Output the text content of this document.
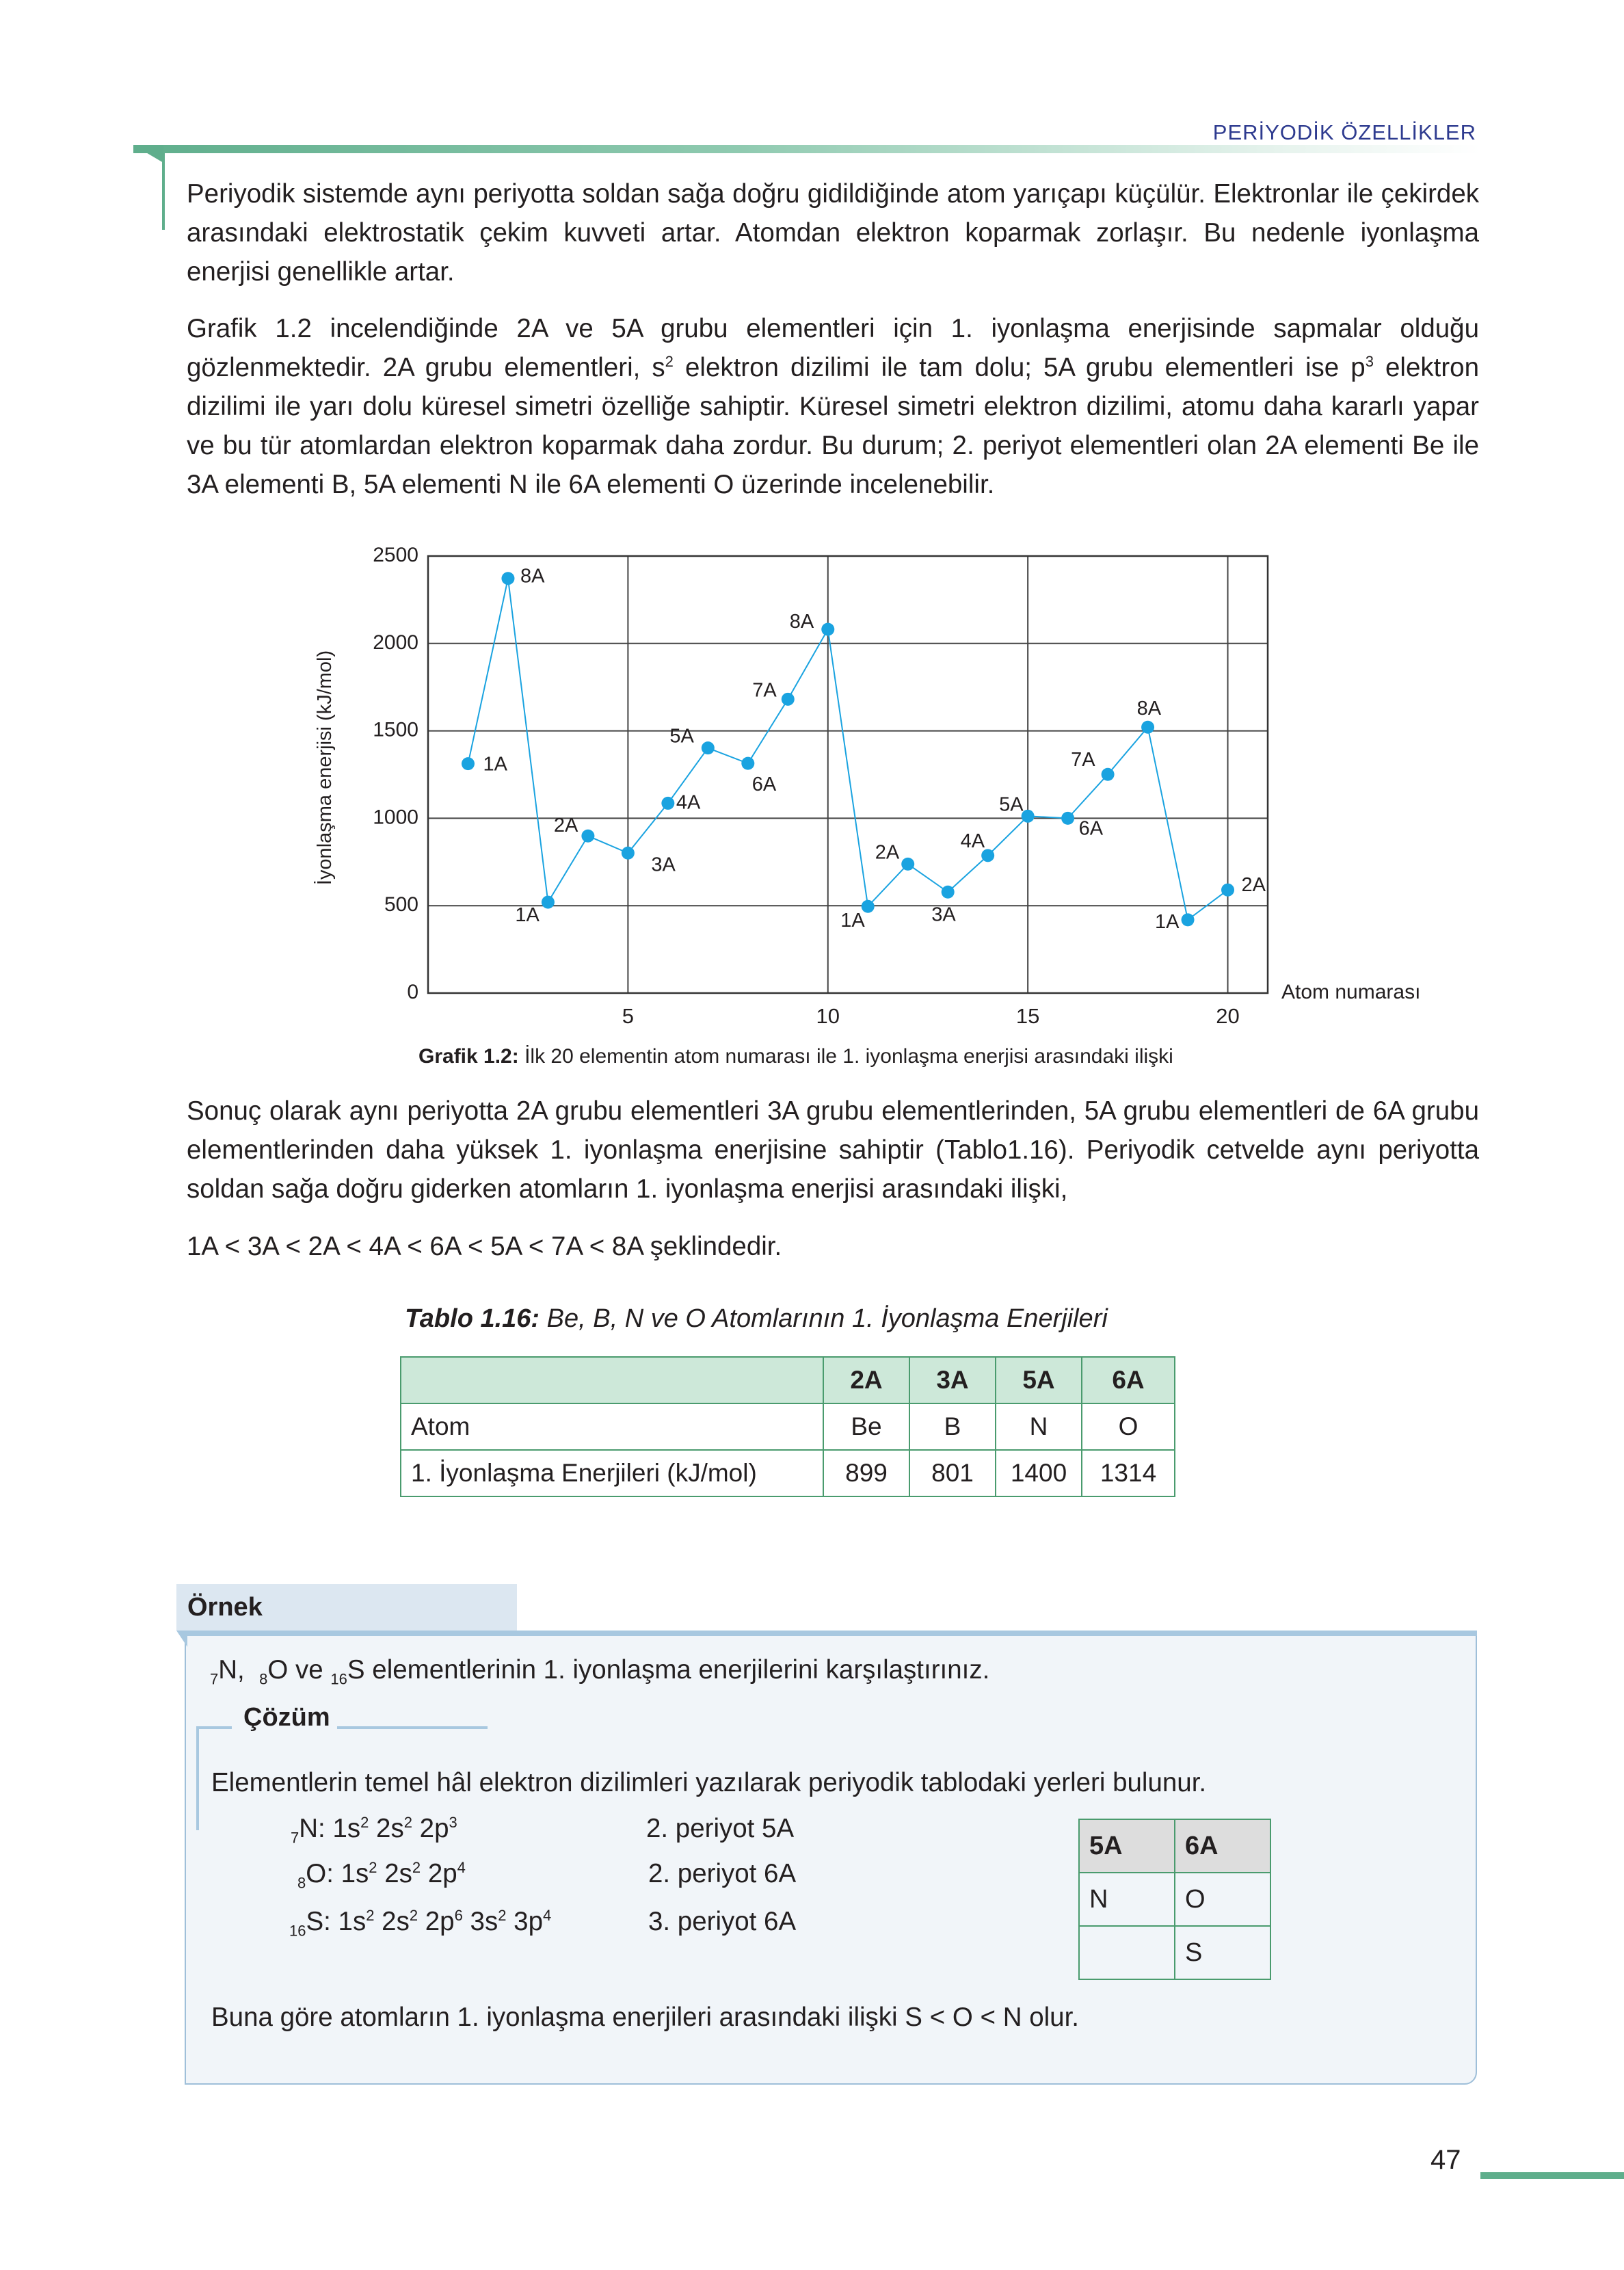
PERİYODİK ÖZELLİKLER

Periyodik sistemde aynı periyotta soldan sağa doğru gidildiğinde atom yarıçapı küçülür. Elektronlar ile çekirdek arasındaki elektrostatik çekim kuvveti artar. Atomdan elektron koparmak zorlaşır. Bu nedenle iyonlaşma enerjisi genellikle artar.

Grafik 1.2 incelendiğinde 2A ve 5A grubu elementleri için 1. iyonlaşma enerjisinde sapmalar olduğu gözlenmektedir. 2A grubu elementleri, $s^2$ elektron dizilimi ile tam dolu; 5A grubu elementleri ise $p^3$ elektron dizilimi ile yarı dolu küresel simetri özelliğe sahiptir. Küresel simetri elektron dizilimi, atomu daha kararlı yapar ve bu tür atomlardan elektron koparmak daha zordur. Bu durum; 2. periyot elementleri olan 2A elementi Be ile 3A elementi B, 5A elementi N ile 6A elementi O üzerinde incelenebilir.

0
500
1000
1500
2000
2500
5	10	15	20
Atom numarası
İyonlaşma enerjisi (kJ/mol)	1A
8A
1A
2A
3A
4A
5A
6A
7A
8A
1A
2A
3A
4A
5A
6A
7A
8A
1A
2A
Grafik 1.2: İlk 20 elementin atom numarası ile 1. iyonlaşma enerjisi arasındaki ilişki

Sonuç olarak aynı periyotta 2A grubu elementleri 3A grubu elementlerinden, 5A grubu elementleri de 6A grubu elementlerinden daha yüksek 1. iyonlaşma enerjisine sahiptir (Tablo1.16). Periyodik cetvelde aynı periyotta soldan sağa doğru giderken atomların 1. iyonlaşma enerjisi arasındaki ilişki,

1A < 3A < 2A < 4A < 6A < 5A < 7A < 8A şeklindedir.

Tablo 1.16: Be, B, N ve O Atomlarının 1. İyonlaşma Enerjileri
	2A	3A	5A	6A
Atom	Be	B	N	O
1. İyonlaşma Enerjileri (kJ/mol)	899	801	1400	1314
Örnek
$_7$N, $_8$O ve $_{16}$S elementlerinin 1. iyonlaşma enerjilerini karşılaştırınız.
Çözüm
Elementlerin temel hâl elektron dizilimleri yazılarak periyodik tablodaki yerleri bulunur.
$_7$N: $1s^2$ $2s^2$ $2p^3$	2. periyot 5A
$_8$O: $1s^2$ $2s^2$ $2p^4$	2. periyot 6A
$_{16}$S: $1s^2$ $2s^2$ $2p^6$ $3s^2$ $3p^4$	3. periyot 6A
5A	6A
N	O
	S
Buna göre atomların 1. iyonlaşma enerjileri arasındaki ilişki S < O < N olur.
47
